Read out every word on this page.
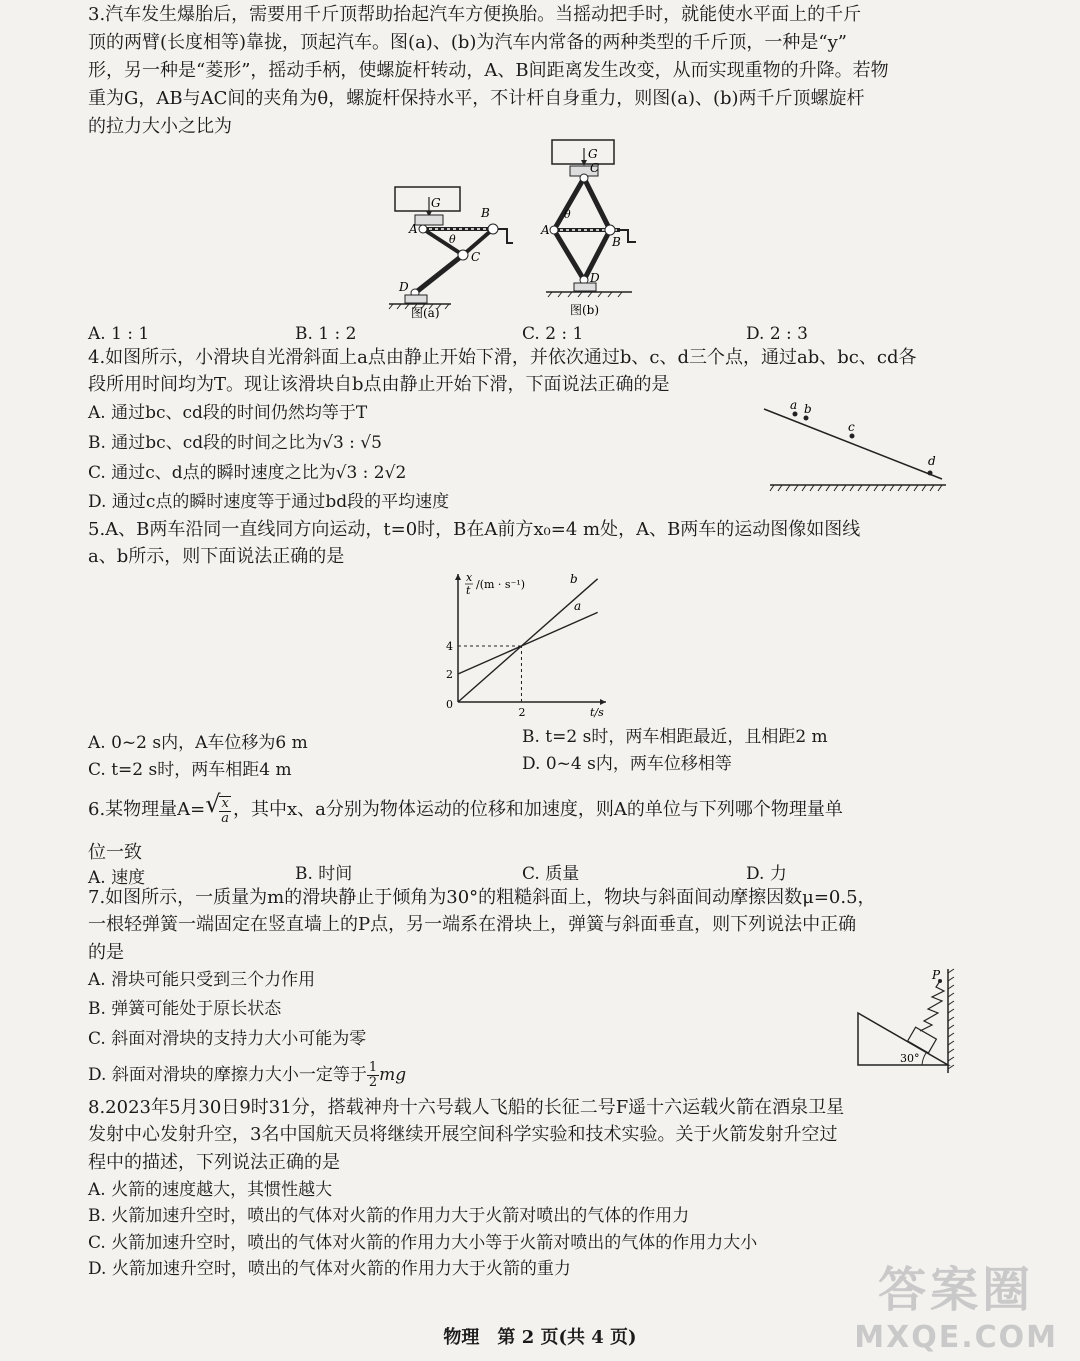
3.汽车发生爆胎后，需要用千斤顶帮助抬起汽车方便换胎。当摇动把手时，就能使水平面上的千斤
顶的两臂(长度相等)靠拢，顶起汽车。图(a)、(b)为汽车内常备的两种类型的千斤顶，一种是“y”
形，另一种是“菱形”，摇动手柄，使螺旋杆转动，A、B间距离发生改变，从而实现重物的升降。若物
重为G，AB与AC间的夹角为θ，螺旋杆保持水平，不计杆自身重力，则图(a)、(b)两千斤顶螺旋杆
的拉力大小之比为
G
A
B
C
D
θ
图(a)
G
A
B
C
D
θ
图(b)
A. 1 : 1	B. 1 : 2	C. 2 : 1	D. 2 : 3
4.如图所示，小滑块自光滑斜面上a点由静止开始下滑，并依次通过b、c、d三个点，通过ab、bc、cd各
段所用时间均为T。现让该滑块自b点由静止开始下滑，下面说法正确的是
A. 通过bc、cd段的时间仍然均等于T
B. 通过bc、cd段的时间之比为√3 : √5
C. 通过c、d点的瞬时速度之比为√3 : 2√2
D. 通过c点的瞬时速度等于通过bd段的平均速度
a b
c
d
5.A、B两车沿同一直线同方向运动，t=0时，B在A前方x₀=4 m处，A、B两车的运动图像如图线
a、b所示，则下面说法正确的是
x
t /(m · s⁻¹)
t/s
0
2
2
4
b
a
A. 0~2 s内，A车位移为6 m	B. t=2 s时，两车相距最近，且相距2 m
C. t=2 s时，两车相距4 m	D. 0~4 s内，两车位移相等
6.某物理量A= √
$\frac{x}{a}$ ，其中x、a分别为物体运动的位移和加速度，则A的单位与下列哪个物理量单
位一致
A. 速度	B. 时间	C. 质量	D. 力
7.如图所示，一质量为m的滑块静止于倾角为30°的粗糙斜面上，物块与斜面间动摩擦因数μ=0.5，
一根轻弹簧一端固定在竖直墙上的P点，另一端系在滑块上，弹簧与斜面垂直，则下列说法中正确
的是
A. 滑块可能只受到三个力作用
B. 弹簧可能处于原长状态
C. 斜面对滑块的支持力大小可能为零
D. 斜面对滑块的摩擦力大小一定等于 $\frac{1}{2}$ mg
P
30°
8.2023年5月30日9时31分，搭载神舟十六号载人飞船的长征二号F遥十六运载火箭在酒泉卫星
发射中心发射升空，3名中国航天员将继续开展空间科学实验和技术实验。关于火箭发射升空过
程中的描述，下列说法正确的是
A. 火箭的速度越大，其惯性越大
B. 火箭加速升空时，喷出的气体对火箭的作用力大于火箭对喷出的气体的作用力
C. 火箭加速升空时，喷出的气体对火箭的作用力大小等于火箭对喷出的气体的作用力大小
D. 火箭加速升空时，喷出的气体对火箭的作用力大于火箭的重力
物理　第 2 页(共 4 页)
答案圈
MXQE.COM
